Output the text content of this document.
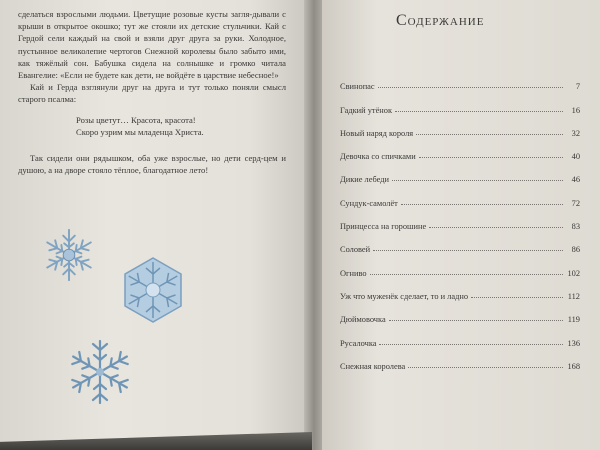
сделаться взрослыми людьми. Цветущие розовые кусты загля-дывали с крыши в открытое окошко; тут же стояли их детские стульчики. Кай с Гердой сели каждый на свой и взяли друг друга за руки. Холодное, пустынное великолепие чертогов Снежной королевы было забыто ими, как тяжёлый сон. Бабушка сидела на солнышке и громко читала Евангелие: «Если не будете как дети, не войдёте в царствие небесное!»

Кай и Герда взглянули друг на друга и тут только поняли смысл старого псалма:

Розы цветут… Красота, красота!
Скоро узрим мы младенца Христа.

Так сидели они рядышком, оба уже взрослые, но дети серд-цем и душою, а на дворе стояло тёплое, благодатное лето!

Содержание
Свинопас	7
Гадкий утёнок	16
Новый наряд короля	32
Девочка со спичками	40
Дикие лебеди	46
Сундук-самолёт	72
Принцесса на горошине	83
Соловей	86
Огниво	102
Уж что муженёк сделает, то и ладно	112
Дюймовочка	119
Русалочка	136
Снежная королева	168
